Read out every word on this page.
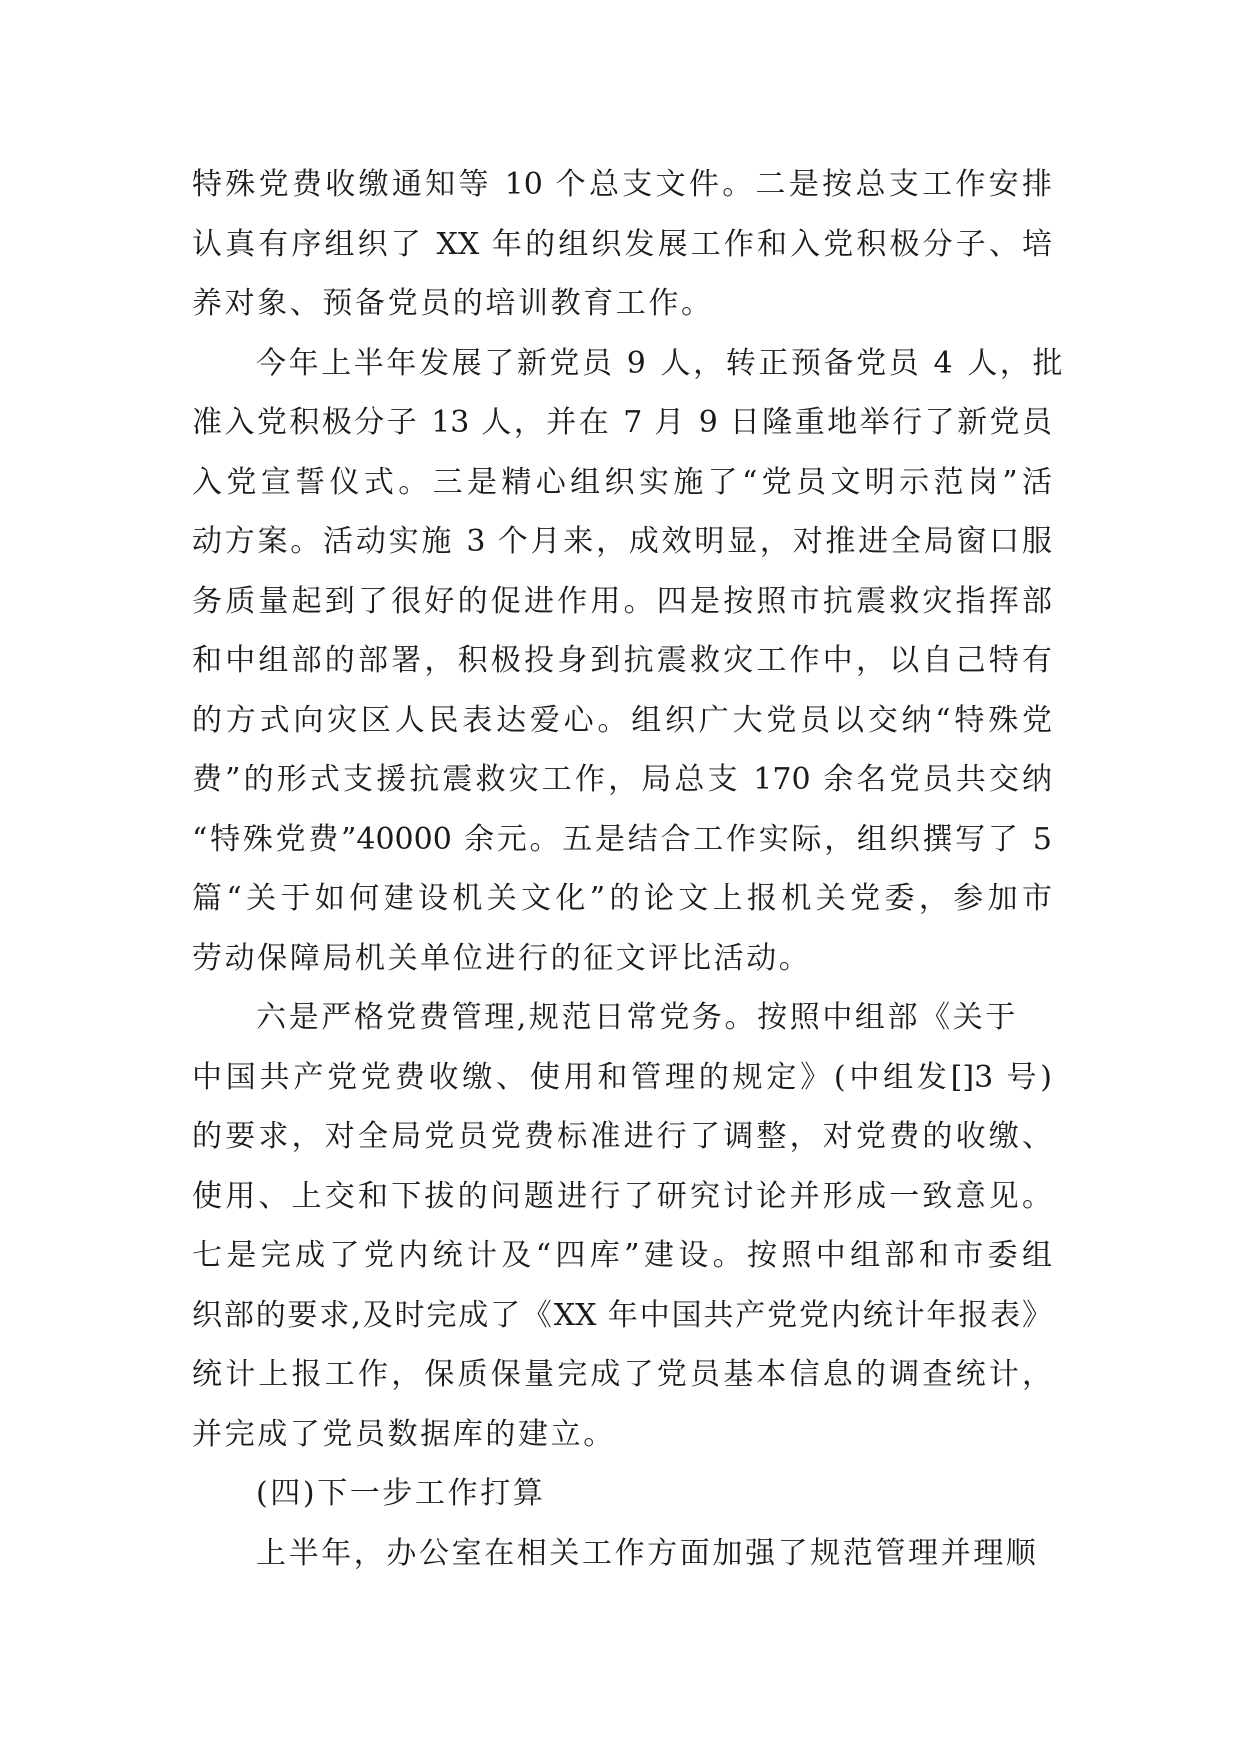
特殊党费收缴通知等 10 个总支文件。二是按总支工作安排
认真有序组织了 XX 年的组织发展工作和入党积极分子、培
养对象、预备党员的培训教育工作。
今年上半年发展了新党员 9 人，转正预备党员 4 人，批
准入党积极分子 13 人，并在 7 月 9 日隆重地举行了新党员
入党宣誓仪式。三是精心组织实施了“党员文明示范岗”活
动方案。活动实施 3 个月来，成效明显，对推进全局窗口服
务质量起到了很好的促进作用。四是按照市抗震救灾指挥部
和中组部的部署，积极投身到抗震救灾工作中，以自己特有
的方式向灾区人民表达爱心。组织广大党员以交纳“特殊党
费”的形式支援抗震救灾工作，局总支 170 余名党员共交纳
“特殊党费”40000 余元。五是结合工作实际，组织撰写了 5
篇“关于如何建设机关文化”的论文上报机关党委，参加市
劳动保障局机关单位进行的征文评比活动。
六是严格党费管理,规范日常党务。按照中组部《关于
中国共产党党费收缴、使用和管理的规定》(中组发[]3 号)
的要求，对全局党员党费标准进行了调整，对党费的收缴、
使用、上交和下拔的问题进行了研究讨论并形成一致意见。
七是完成了党内统计及“四库”建设。按照中组部和市委组
织部的要求,及时完成了《XX 年中国共产党党内统计年报表》
统计上报工作，保质保量完成了党员基本信息的调查统计，
并完成了党员数据库的建立。
(四)下一步工作打算
上半年，办公室在相关工作方面加强了规范管理并理顺
